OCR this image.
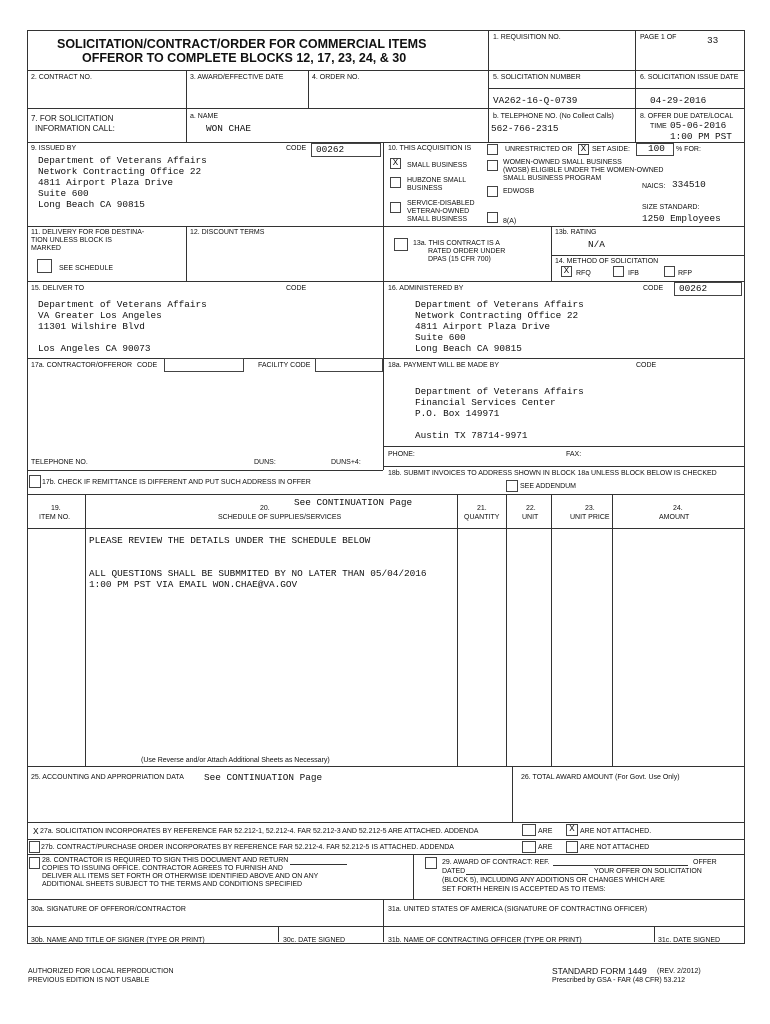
SOLICITATION/CONTRACT/ORDER FOR COMMERCIAL ITEMS
OFFEROR TO COMPLETE BLOCKS 12, 17, 23, 24, & 30
1. REQUISITION NO.	PAGE 1 OF	33
2. CONTRACT NO.	3. AWARD/EFFECTIVE DATE	4. ORDER NO.	5. SOLICITATION NUMBER	6. SOLICITATION ISSUE DATE
VA262-16-Q-0739	04-29-2016
7. FOR SOLICITATION
INFORMATION CALL:
a. NAME
WON CHAE
b. TELEPHONE NO. (No Collect Calls)
562-766-2315
8. OFFER DUE DATE/LOCAL
TIME 05-06-2016
1:00 PM PST
9. ISSUED BY	CODE 00262
Department of Veterans Affairs
Network Contracting Office 22
4811 Airport Plaza Drive
Suite 600
Long Beach CA 90815
10. THIS ACQUISITION IS	UNRESTRICTED OR X SET ASIDE: 100 % FOR:
X	SMALL BUSINESS
HUBZONE SMALL
BUSINESS
SERVICE-DISABLED
VETERAN-OWNED
SMALL BUSINESS
WOMEN-OWNED SMALL BUSINESS
(WOSB) ELIGIBLE UNDER THE WOMEN-OWNED
SMALL BUSINESS PROGRAM
EDWOSB
8(A)
NAICS: 334510
SIZE STANDARD:
1250 Employees
11. DELIVERY FOR FOB DESTINA-
TION UNLESS BLOCK IS
MARKED
SEE SCHEDULE
12. DISCOUNT TERMS
13a. THIS CONTRACT IS A
RATED ORDER UNDER
DPAS (15 CFR 700)
13b. RATING
N/A
14. METHOD OF SOLICITATION
X RFQ	IFB	RFP
15. DELIVER TO	CODE
Department of Veterans Affairs
VA Greater Los Angeles
11301 Wilshire Blvd
Los Angeles CA 90073
16. ADMINISTERED BY	CODE 00262
Department of Veterans Affairs
Network Contracting Office 22
4811 Airport Plaza Drive
Suite 600
Long Beach CA 90815
17a. CONTRACTOR/OFFEROR CODE	FACILITY CODE
TELEPHONE NO.	DUNS:	DUNS+4:
17b. CHECK IF REMITTANCE IS DIFFERENT AND PUT SUCH ADDRESS IN OFFER
18a. PAYMENT WILL BE MADE BY	CODE
Department of Veterans Affairs
Financial Services Center
P.O. Box 149971
Austin TX 78714-9971
PHONE:	FAX:
18b. SUBMIT INVOICES TO ADDRESS SHOWN IN BLOCK 18a UNLESS BLOCK BELOW IS CHECKED
SEE ADDENDUM
19.
ITEM NO.
20.
SCHEDULE OF SUPPLIES/SERVICES
See CONTINUATION Page
21.
QUANTITY
22.
UNIT
23.
UNIT PRICE
24.
AMOUNT
PLEASE REVIEW THE DETAILS UNDER THE SCHEDULE BELOW
ALL QUESTIONS SHALL BE SUBMMITED BY NO LATER THAN 05/04/2016
1:00 PM PST VIA EMAIL WON.CHAE@VA.GOV
(Use Reverse and/or Attach Additional Sheets as Necessary)
25. ACCOUNTING AND APPROPRIATION DATA See CONTINUATION Page	26. TOTAL AWARD AMOUNT (For Govt. Use Only)
X 27a. SOLICITATION INCORPORATES BY REFERENCE FAR 52.212-1, 52.212-4. FAR 52.212-3 AND 52.212-5 ARE ATTACHED. ADDENDA	ARE	X ARE NOT ATTACHED.
27b. CONTRACT/PURCHASE ORDER INCORPORATES BY REFERENCE FAR 52.212-4. FAR 52.212-5 IS ATTACHED. ADDENDA	ARE	ARE NOT ATTACHED
28. CONTRACTOR IS REQUIRED TO SIGN THIS DOCUMENT AND RETURN
COPIES TO ISSUING OFFICE. CONTRACTOR AGREES TO FURNISH AND
DELIVER ALL ITEMS SET FORTH OR OTHERWISE IDENTIFIED ABOVE AND ON ANY
ADDITIONAL SHEETS SUBJECT TO THE TERMS AND CONDITIONS SPECIFIED
29. AWARD OF CONTRACT: REF.	OFFER
DATED	YOUR OFFER ON SOLICITATION
(BLOCK 5), INCLUDING ANY ADDITIONS OR CHANGES WHICH ARE
SET FORTH HEREIN IS ACCEPTED AS TO ITEMS:
30a. SIGNATURE OF OFFEROR/CONTRACTOR	31a. UNITED STATES OF AMERICA (SIGNATURE OF CONTRACTING OFFICER)
30b. NAME AND TITLE OF SIGNER (TYPE OR PRINT)	30c. DATE SIGNED	31b. NAME OF CONTRACTING OFFICER (TYPE OR PRINT)	31c. DATE SIGNED
AUTHORIZED FOR LOCAL REPRODUCTION
PREVIOUS EDITION IS NOT USABLE
STANDARD FORM 1449 (REV. 2/2012)
Prescribed by GSA - FAR (48 CFR) 53.212
